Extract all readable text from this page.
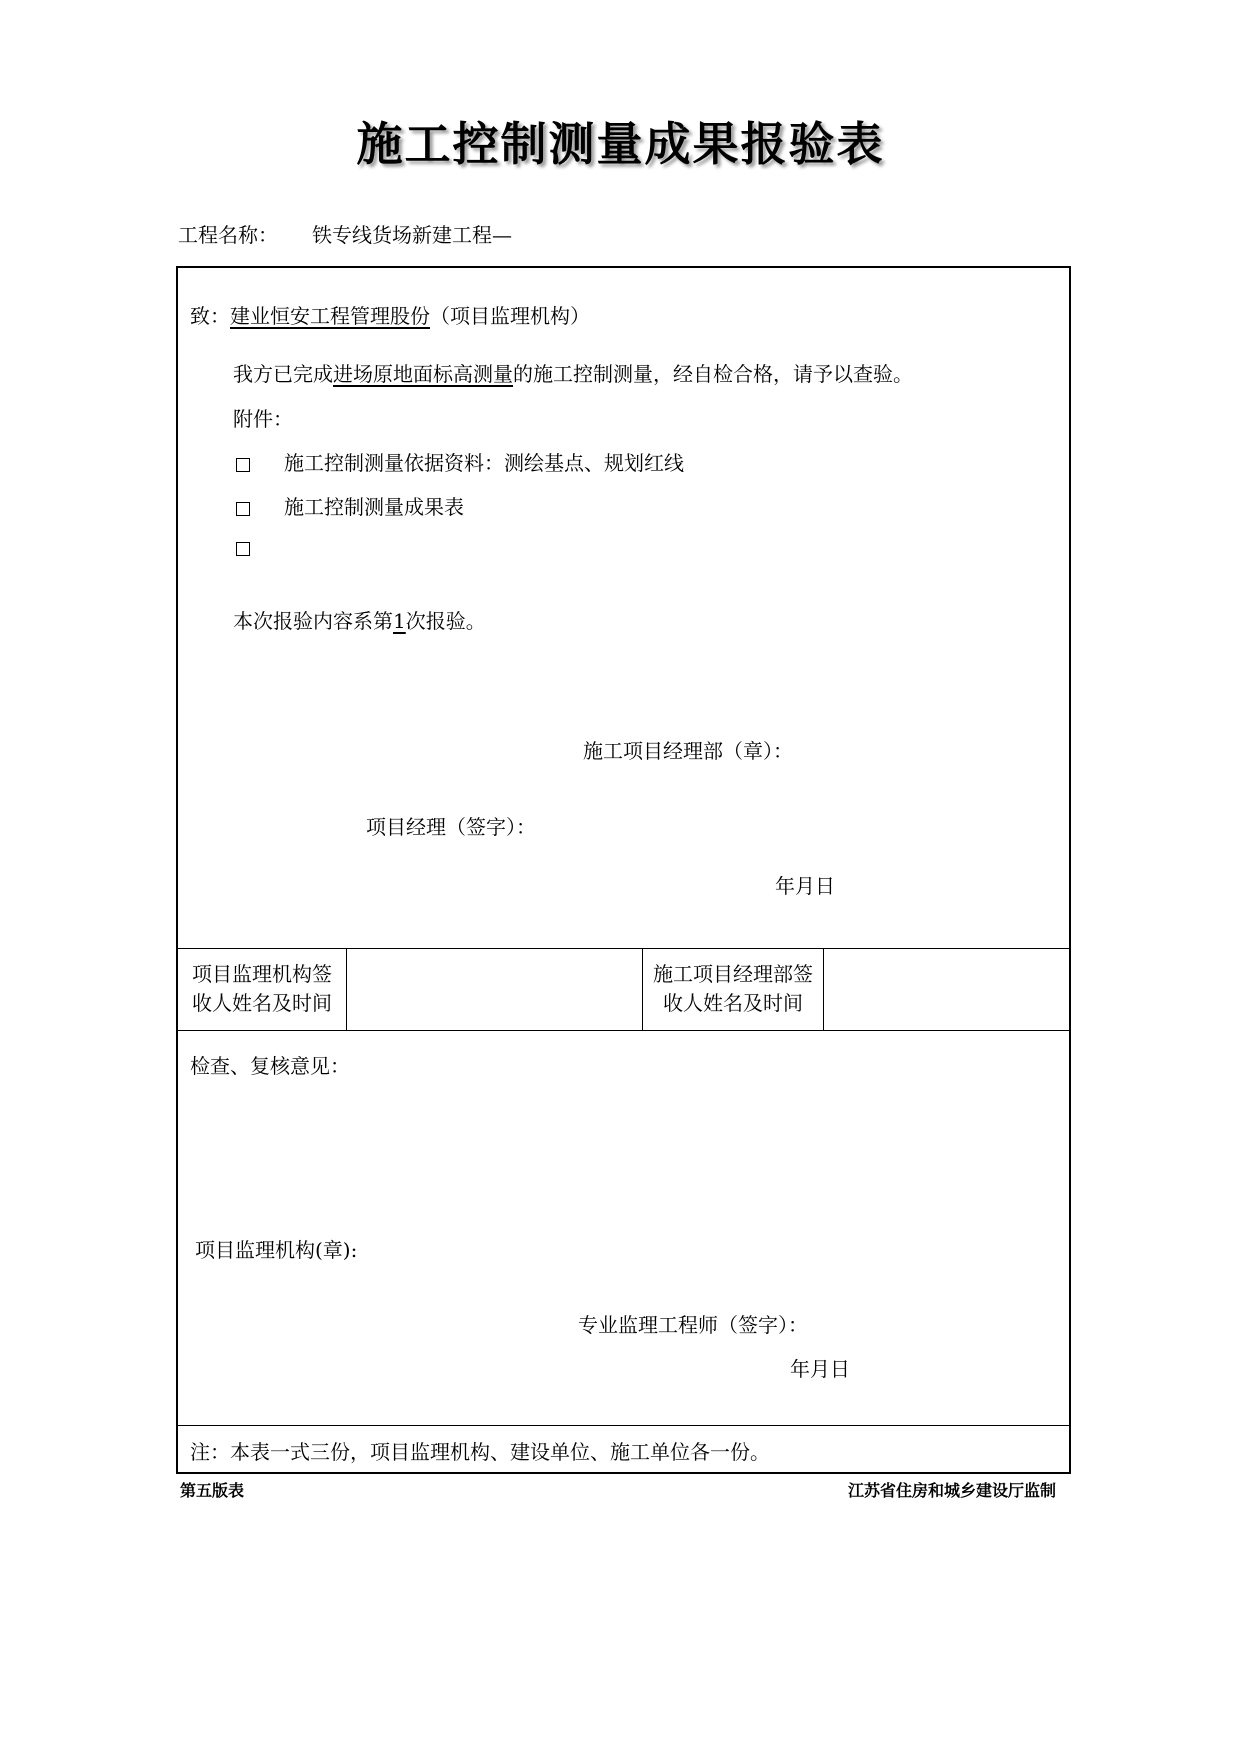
施工控制测量成果报验表
工程名称： 铁专线货场新建工程—
致：建业恒安工程管理股份（项目监理机构）
我方已完成进场原地面标高测量的施工控制测量，经自检合格，请予以查验。
附件：
施工控制测量依据资料：测绘基点、规划红线
施工控制测量成果表
本次报验内容系第1次报验。
施工项目经理部（章）：
项目经理（签字）：
年月日
项目监理机构签
收人姓名及时间
施工项目经理部签
收人姓名及时间
检查、复核意见：
项目监理机构(章):
专业监理工程师（签字）：
年月日
注：本表一式三份，项目监理机构、建设单位、施工单位各一份。
第五版表	江苏省住房和城乡建设厅监制
